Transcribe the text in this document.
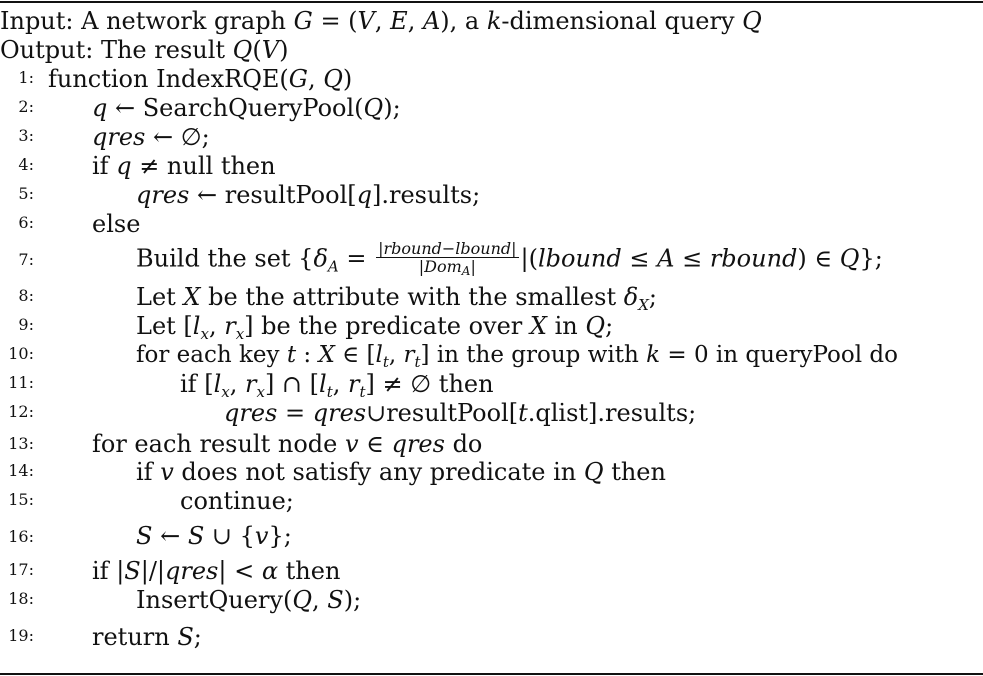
Input: A network graph G = (V, E, A), a k-dimensional query Q
Output: The result Q(V)
1: function IndexRQE(G, Q)
2: q ← SearchQueryPool(Q);
3: qres ← ∅;
4: if q ≠ null then
5:	qres ← resultPool[q].results;
6: else
7:	Build the set {$\delta_A = \frac{\text{|rbound−lbound|}}{\text{|DomA|}}$ |(lbound ≤ A ≤ rbound) ∈ Q};
8:	Let X be the attribute with the smallest $\delta_X$;
9:	Let [$l_x$, $r_x$] be the predicate over X in Q;
10:	for each key t : X ∈ [$l_t$, $r_t$] in the group with k = 0 in queryPool do
11:	if [$l_x$, $r_x$] ∩ [$l_t$, $r_t$] ≠ ∅ then
12:	qres = qres∪resultPool[t.qlist].results;
13: for each result node v ∈ qres do
14:	if v does not satisfy any predicate in Q then
15:	continue;
16:	S ← S ∪ {v};
17: if |S|/|qres| < α then
18:	InsertQuery(Q, S);
19: return S;
